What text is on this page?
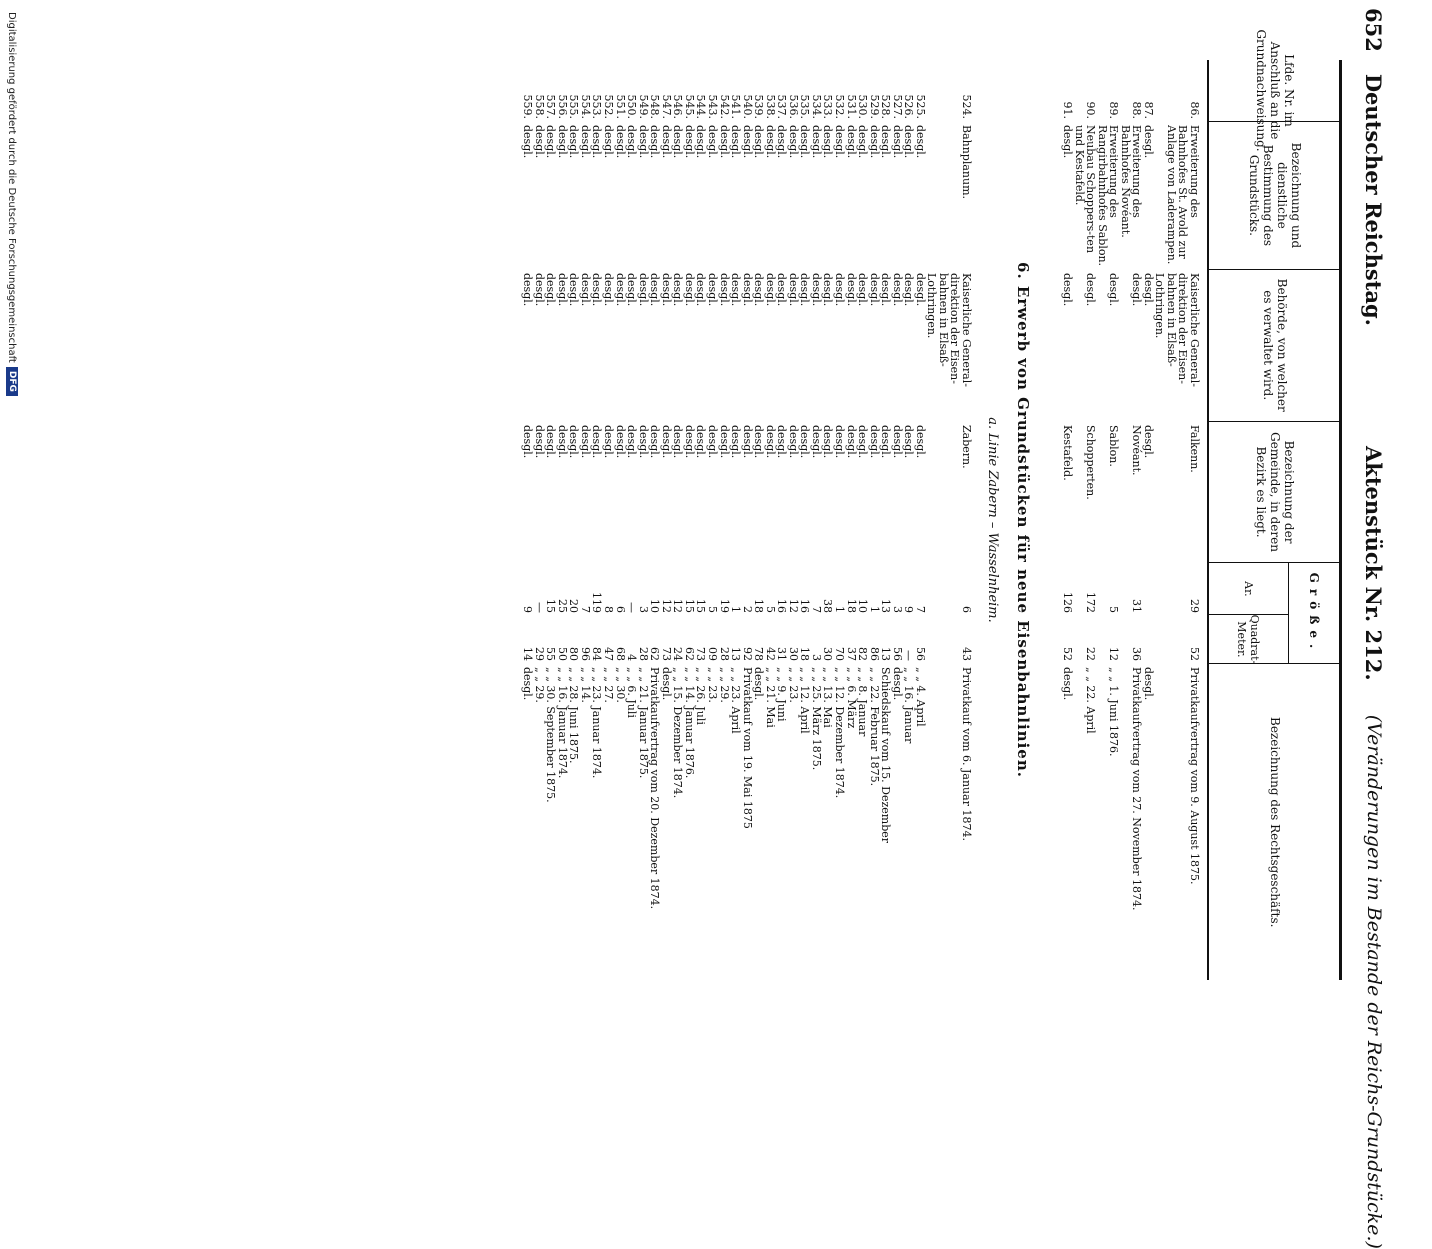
652
Deutscher Reichstag.
Aktenstück Nr. 212.
(Veränderungen im Bestande der Reichs-Grundstücke.)
Lfde. Nr. im Anschluß an die Grundnachweisung.
Bezeichnung und dienstliche Bestimmung des Grundstücks.
Behörde, von welcher es verwaltet wird.
Bezeichnung der Gemeinde, in deren Bezirk es liegt.
Größe.
Ar.
Quadrat-Meter.
Bezeichnung des Rechtsgeschäfts.
86.
Erweiterung des Bahnhofes St. Avold zur Anlage von Laderampen.
Kaiserliche General-direktion der Eisen-bahnen in Elsaß-Lothringen.
Falkenn.
29
52
Privatkaufvertrag vom 9. August 1875.
87.
desgl.
desgl.
desgl.
desgl.
88.
Erweiterung des Bahnhofes Novéant.
desgl.
Novéant.
31
36
Privatkaufvertrag vom 27. November 1874.
89.
Erweiterung des Rangirbahnhofes Sablon.
desgl.
Sablon.
5
12
„ „ 1. Juni 1876.
90.
Neubau Schoppers-ten und Kestafeld.
desgl.
Schopperten.
172
22
„ „ 22. April
91.
desgl.
desgl.
Kestafeld.
126
52
desgl.
6. Erwerb von Grundstücken für neue Eisenbahnlinien.
a. Linie Zabern – Wasselnheim.
524.
Bahnplanum.
Kaiserliche General-direktion der Eisen-bahnen in Elsaß-Lothringen.
Zabern.
6
43
Privatkauf vom 6. Januar 1874.
525.
desgl.
desgl.
desgl.
7
56
„ „ 4. April
526.
desgl.
desgl.
desgl.
9
—
„ „ 16. Januar
527.
desgl.
desgl.
desgl.
3
56
desgl.
528.
desgl.
desgl.
desgl.
13
13
Schiedskauf vom 15. Dezember
529.
desgl.
desgl.
desgl.
1
86
„ „ 22. Februar 1875.
530.
desgl.
desgl.
desgl.
10
82
„ „ 8. Januar
531.
desgl.
desgl.
desgl.
18
37
„ „ 6. März
532.
desgl.
desgl.
desgl.
1
70
„ „ 12. Dezember 1874.
533.
desgl.
desgl.
desgl.
38
30
„ „ 13. Mai
534.
desgl.
desgl.
desgl.
7
3
„ „ 25. März 1875.
535.
desgl.
desgl.
desgl.
16
18
„ „ 12. April
536.
desgl.
desgl.
desgl.
12
30
„ „ 23.
537.
desgl.
desgl.
desgl.
16
31
„ „ 9. Juni
538.
desgl.
desgl.
desgl.
5
42
„ „ 21. Mai
539.
desgl.
desgl.
desgl.
18
78
desgl.
540.
desgl.
desgl.
desgl.
2
92
Privatkauf vom 19. Mai 1875
541.
desgl.
desgl.
desgl.
1
13
„ „ 23. April
542.
desgl.
desgl.
desgl.
19
28
„ „ 29.
543.
desgl.
desgl.
desgl.
5
09
„ „ 23.
544.
desgl.
desgl.
desgl.
15
73
„ „ 26. Juli
545.
desgl.
desgl.
desgl.
15
62
„ „ 14. Januar 1876.
546.
desgl.
desgl.
desgl.
12
24
„ „ 15. Dezember 1874.
547.
desgl.
desgl.
desgl.
12
73
desgl.
548.
desgl.
desgl.
desgl.
10
62
Privatkaufvertrag vom 20. Dezember 1874.
549.
desgl.
desgl.
desgl.
3
28
„ „ 21. Januar 1875.
550.
desgl.
desgl.
desgl.
—
4
„ „ 6. Juli
551.
desgl.
desgl.
desgl.
6
68
„ „ 30.
552.
desgl.
desgl.
desgl.
8
47
„ „ 27.
553.
desgl.
desgl.
desgl.
119
84
„ „ 23. Januar 1874.
554.
desgl.
desgl.
desgl.
7
96
„ „ 14.
555.
desgl.
desgl.
desgl.
20
80
„ „ 28. Juni 1875.
556.
desgl.
desgl.
desgl.
25
50
„ „ 16. Januar 1874.
557.
desgl.
desgl.
desgl.
15
55
„ „ 30. September 1875.
558.
desgl.
desgl.
desgl.
—
29
„ „ 29.
559.
desgl.
desgl.
desgl.
9
14
desgl.
Digitalisierung gefördert durch die Deutsche Forschungsgemeinschaft
DFG
